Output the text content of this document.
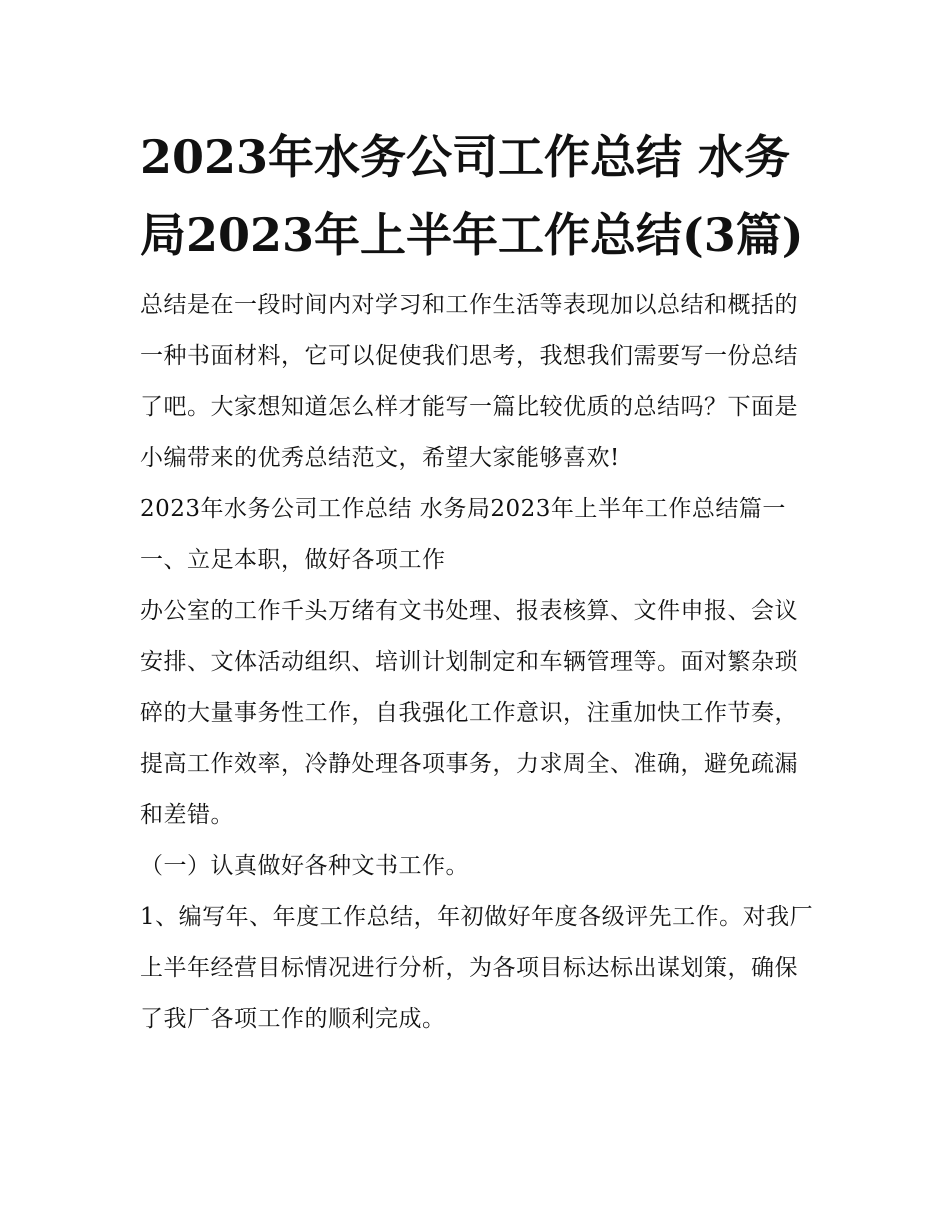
2023年水务公司工作总结 水务局2023年上半年工作总结(3篇)

总结是在一段时间内对学习和工作生活等表现加以总结和概括的一种书面材料，它可以促使我们思考，我想我们需要写一份总结了吧。大家想知道怎么样才能写一篇比较优质的总结吗？下面是小编带来的优秀总结范文，希望大家能够喜欢!

2023年水务公司工作总结 水务局2023年上半年工作总结篇一

一、立足本职，做好各项工作

办公室的工作千头万绪有文书处理、报表核算、文件申报、会议安排、文体活动组织、培训计划制定和车辆管理等。面对繁杂琐碎的大量事务性工作，自我强化工作意识，注重加快工作节奏，提高工作效率，冷静处理各项事务，力求周全、准确，避免疏漏和差错。

（一）认真做好各种文书工作。

1、编写年、年度工作总结，年初做好年度各级评先工作。对我厂上半年经营目标情况进行分析，为各项目标达标出谋划策，确保了我厂各项工作的顺利完成。
